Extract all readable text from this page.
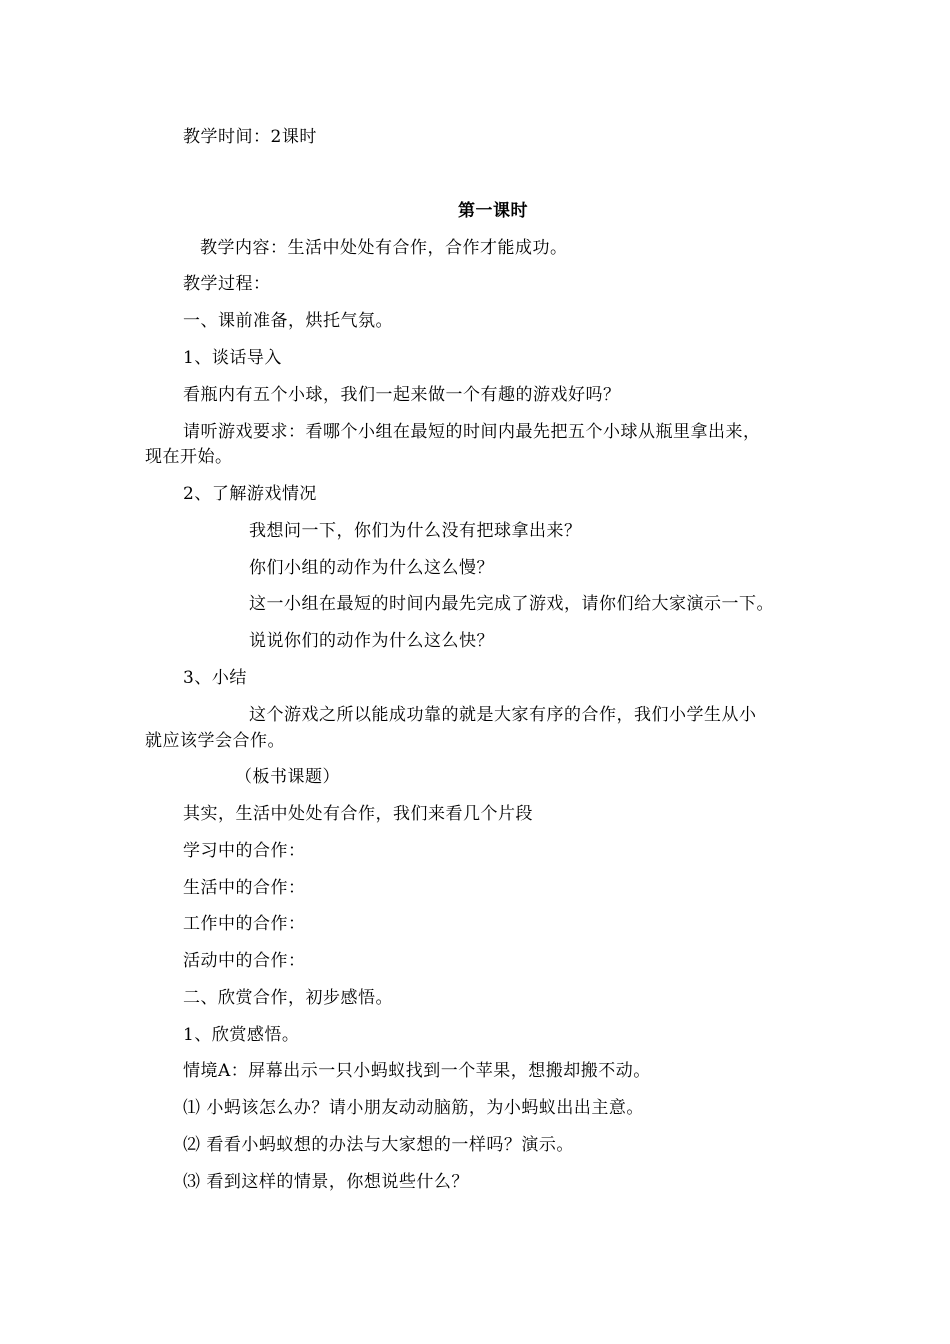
教学时间：2课时
第一课时
教学内容：生活中处处有合作，合作才能成功。
教学过程：
一、课前准备，烘托气氛。
1、谈话导入
看瓶内有五个小球，我们一起来做一个有趣的游戏好吗？
请听游戏要求：看哪个小组在最短的时间内最先把五个小球从瓶里拿出来，
现在开始。
2、了解游戏情况
我想问一下，你们为什么没有把球拿出来？
你们小组的动作为什么这么慢？
这一小组在最短的时间内最先完成了游戏，请你们给大家演示一下。
说说你们的动作为什么这么快？
3、小结
这个游戏之所以能成功靠的就是大家有序的合作，我们小学生从小
就应该学会合作。
（板书课题）
其实，生活中处处有合作，我们来看几个片段
学习中的合作：
生活中的合作：
工作中的合作：
活动中的合作：
二、欣赏合作，初步感悟。
1、欣赏感悟。
情境A：屏幕出示一只小蚂蚁找到一个苹果，想搬却搬不动。
⑴ 小蚂该怎么办？请小朋友动动脑筋，为小蚂蚁出出主意。
⑵ 看看小蚂蚁想的办法与大家想的一样吗？演示。
⑶ 看到这样的情景，你想说些什么？
